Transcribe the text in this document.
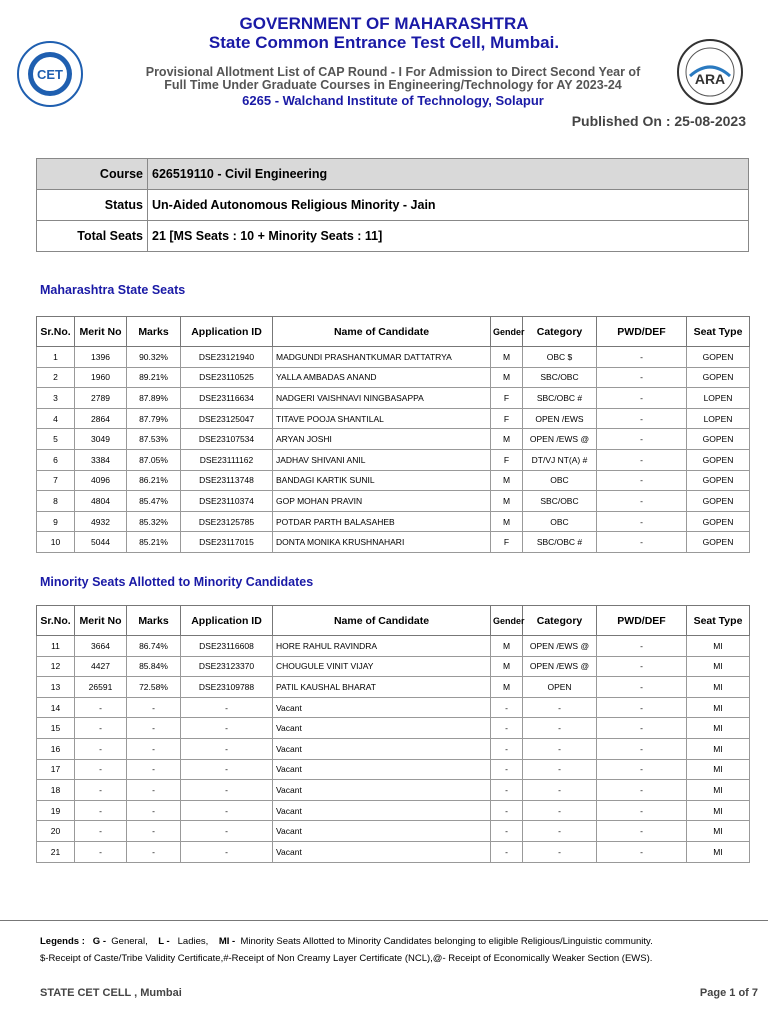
CET	ARA
GOVERNMENT OF MAHARASHTRA
State Common Entrance Test Cell, Mumbai.
Provisional Allotment List of CAP Round - I For Admission to Direct Second Year of
Full Time Under Graduate Courses in Engineering/Technology for AY 2023-24
6265 - Walchand Institute of Technology, Solapur
Published On : 25-08-2023
Course	626519110 - Civil Engineering
Status	Un-Aided Autonomous Religious Minority - Jain
Total Seats	21 [MS Seats : 10 + Minority Seats : 11]
Maharashtra State Seats
Sr.No.	Merit No	Marks	Application ID	Name of Candidate	Gender	Category	PWD/DEF	Seat Type
1	1396	90.32%	DSE23121940	MADGUNDI PRASHANTKUMAR DATTATRYA	M	OBC $	-	GOPEN
2	1960	89.21%	DSE23110525	YALLA AMBADAS ANAND	M	SBC/OBC	-	GOPEN
3	2789	87.89%	DSE23116634	NADGERI VAISHNAVI NINGBASAPPA	F	SBC/OBC #	-	LOPEN
4	2864	87.79%	DSE23125047	TITAVE POOJA SHANTILAL	F	OPEN /EWS	-	LOPEN
5	3049	87.53%	DSE23107534	ARYAN JOSHI	M	OPEN /EWS @	-	GOPEN
6	3384	87.05%	DSE23111162	JADHAV SHIVANI ANIL	F	DT/VJ NT(A) #	-	GOPEN
7	4096	86.21%	DSE23113748	BANDAGI KARTIK SUNIL	M	OBC	-	GOPEN
8	4804	85.47%	DSE23110374	GOP MOHAN PRAVIN	M	SBC/OBC	-	GOPEN
9	4932	85.32%	DSE23125785	POTDAR PARTH BALASAHEB	M	OBC	-	GOPEN
10	5044	85.21%	DSE23117015	DONTA MONIKA KRUSHNAHARI	F	SBC/OBC #	-	GOPEN
Minority Seats Allotted to Minority Candidates
Sr.No.	Merit No	Marks	Application ID	Name of Candidate	Gender	Category	PWD/DEF	Seat Type
11	3664	86.74%	DSE23116608	HORE RAHUL RAVINDRA	M	OPEN /EWS @	-	MI
12	4427	85.84%	DSE23123370	CHOUGULE VINIT VIJAY	M	OPEN /EWS @	-	MI
13	26591	72.58%	DSE23109788	PATIL KAUSHAL BHARAT	M	OPEN	-	MI
14	-	-	-	Vacant	-	-	-	MI
15	-	-	-	Vacant	-	-	-	MI
16	-	-	-	Vacant	-	-	-	MI
17	-	-	-	Vacant	-	-	-	MI
18	-	-	-	Vacant	-	-	-	MI
19	-	-	-	Vacant	-	-	-	MI
20	-	-	-	Vacant	-	-	-	MI
21	-	-	-	Vacant	-	-	-	MI
Legends : G - General, L - Ladies, MI - Minority Seats Allotted to Minority Candidates belonging to eligible Religious/Linguistic community.
$-Receipt of Caste/Tribe Validity Certificate,#-Receipt of Non Creamy Layer Certificate (NCL),@- Receipt of Economically Weaker Section (EWS).
STATE CET CELL , Mumbai	Page 1 of 7
